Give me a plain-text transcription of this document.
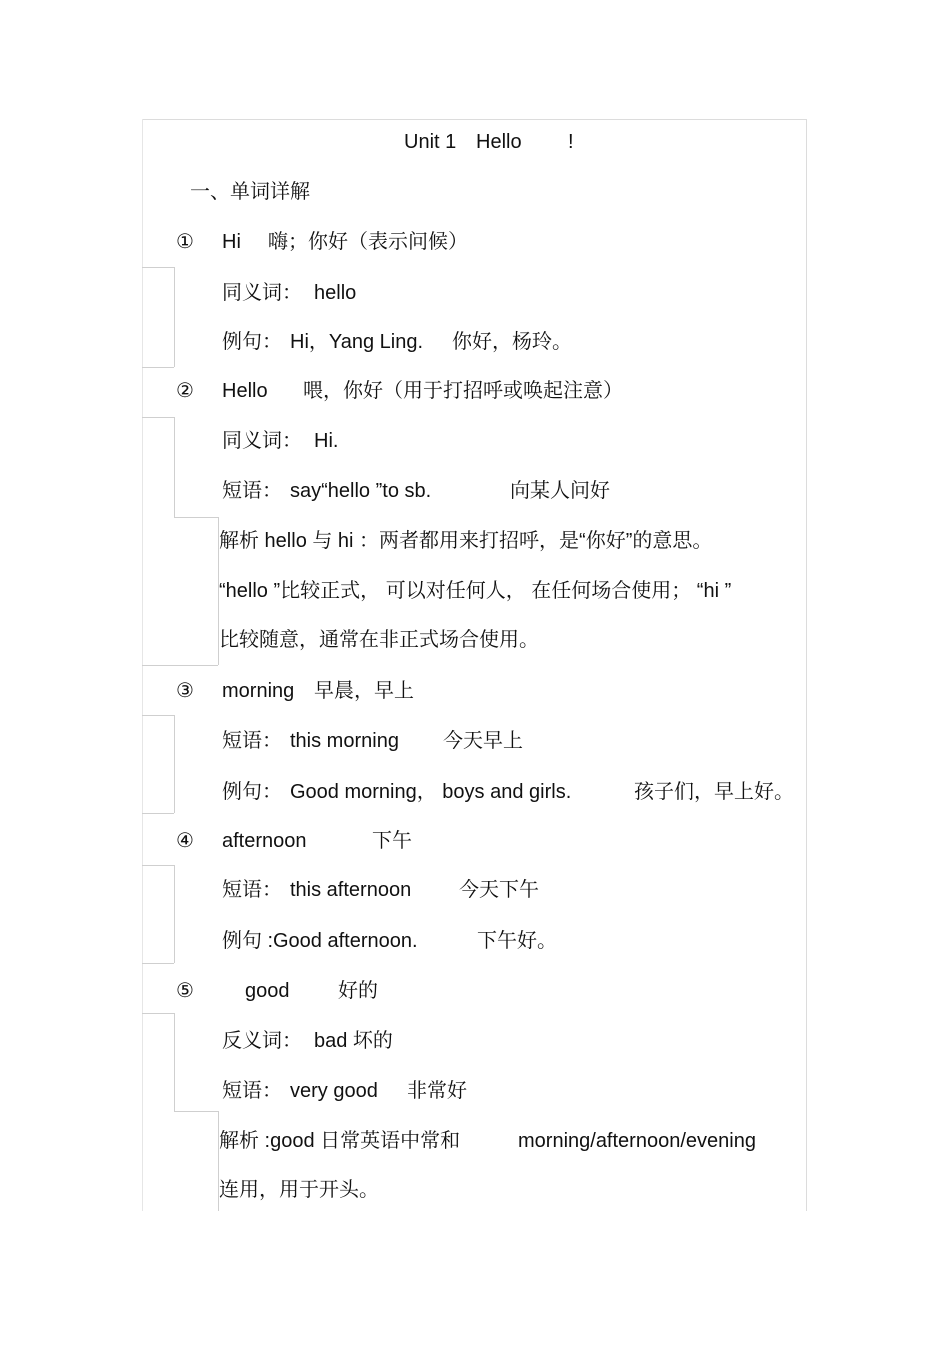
Unit 1 Hello !
一、单词详解
① Hi 嗨；你好（表示问候）
同义词： hello
例句： Hi，Yang Ling. 你好，杨玲。
② Hello 喂，你好（用于打招呼或唤起注意）
同义词： Hi.
短语： say“hello ”to sb.	向某人问好
解析 hello 与 hi ：两者都用来打招呼，是“你好”的意思。
“hello ”比较正式， 可以对任何人， 在任何场合使用； “hi ”
比较随意，通常在非正式场合使用。
③ morning 早晨，早上
短语： this morning 今天早上
例句： Good morning， boys and girls.	孩子们，早上好。
④ afternoon	下午
短语： this afternoon 今天下午
例句 : Good afternoon.	下午好。
⑤	good 好的
反义词： bad 坏的
短语： very good 非常好
解析 :good 日常英语中常和	morning/afternoon/evening
连用，用于开头。
